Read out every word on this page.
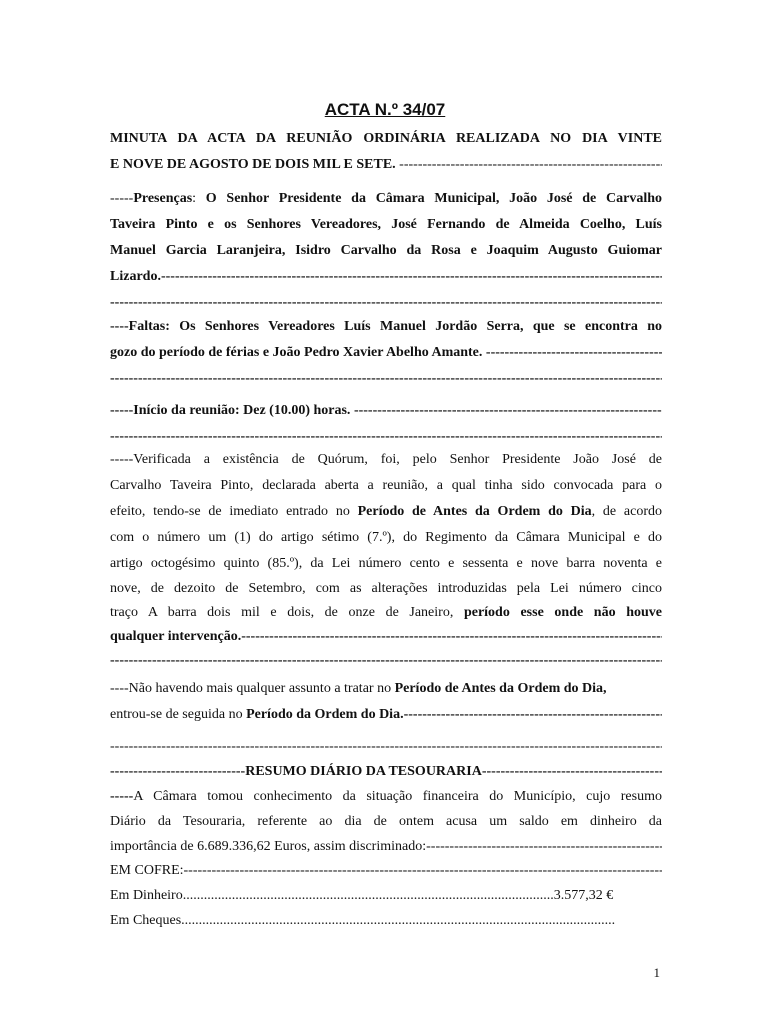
ACTA N.º 34/07
MINUTA DA ACTA DA REUNIÃO ORDINÁRIA REALIZADA NO DIA VINTE
E NOVE DE AGOSTO DE DOIS MIL E SETE. -----
-----Presenças: O Senhor Presidente da Câmara Municipal, João José de Carvalho
Taveira Pinto e os Senhores Vereadores, José Fernando de Almeida Coelho, Luís
Manuel Garcia Laranjeira, Isidro Carvalho da Rosa e Joaquim Augusto Guiomar
Lizardo. -----
-----
----Faltas: Os Senhores Vereadores Luís Manuel Jordão Serra, que se encontra no
gozo do período de férias e João Pedro Xavier Abelho Amante. -----
-----
-----Início da reunião: Dez (10.00) horas. -----
-----
-----Verificada a existência de Quórum, foi, pelo Senhor Presidente João José de
Carvalho Taveira Pinto, declarada aberta a reunião, a qual tinha sido convocada para o
efeito, tendo-se de imediato entrado no Período de Antes da Ordem do Dia, de acordo
com o número um (1) do artigo sétimo (7.º), do Regimento da Câmara Municipal e do
artigo octogésimo quinto (85.º), da Lei número cento e sessenta e nove barra noventa e
nove, de dezoito de Setembro, com as alterações introduzidas pela Lei número cinco
traço A barra dois mil e dois, de onze de Janeiro, período esse onde não houve
qualquer intervenção. -----
-----
----Não havendo mais qualquer assunto a tratar no Período de Antes da Ordem do Dia,
entrou-se de seguida no Período da Ordem do Dia. -----
-----
-----------------------------RESUMO DIÁRIO DA TESOURARIA -----
-----A Câmara tomou conhecimento da situação financeira do Município, cujo resumo
Diário da Tesouraria, referente ao dia de ontem acusa um saldo em dinheiro da
importância de 6.689.336,62 Euros, assim discriminado: -----
EM COFRE: -----
Em Dinheiro..........................................................................................................3.577,32 €
Em Cheques............................................................................................................................
1
